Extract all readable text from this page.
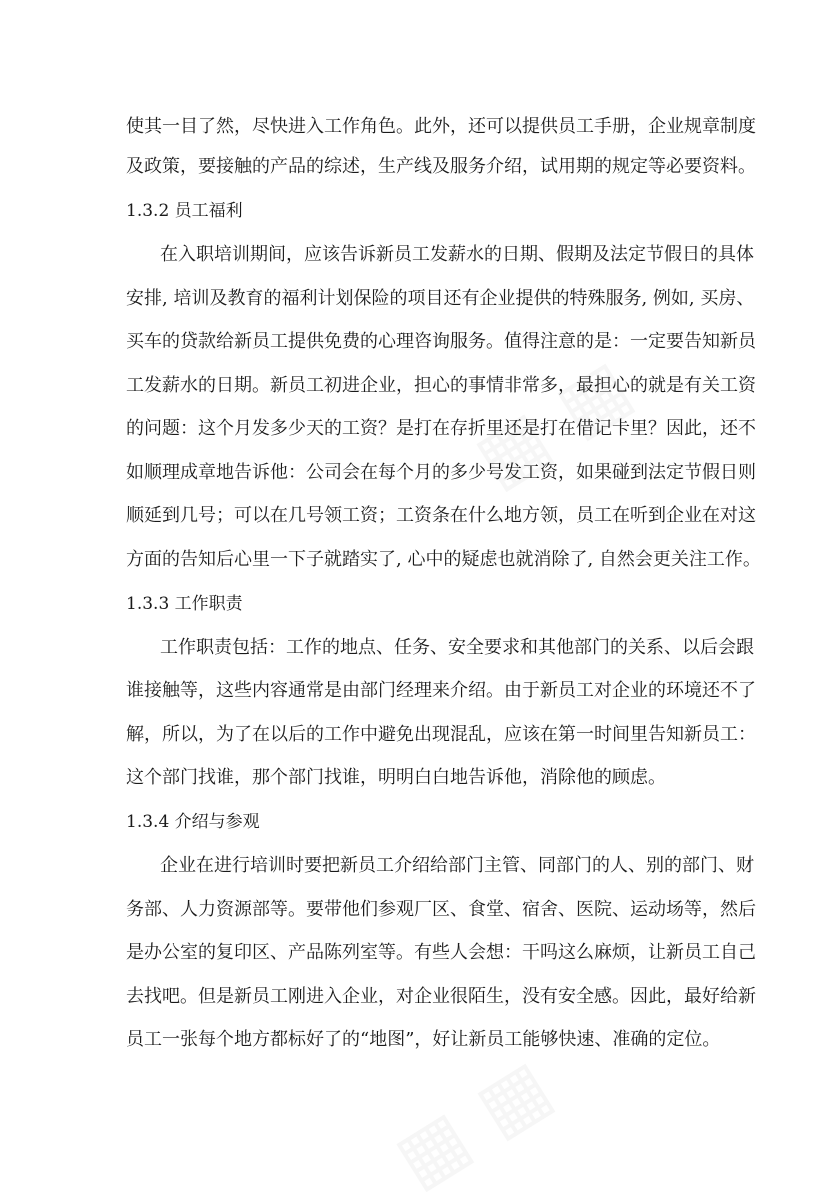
使其一目了然，尽快进入工作角色。此外，还可以提供员工手册，企业规章制度
及政策，要接触的产品的综述，生产线及服务介绍，试用期的规定等必要资料。
1.3.2 员工福利
在入职培训期间，应该告诉新员工发薪水的日期、假期及法定节假日的具体
安排, 培训及教育的福利计划保险的项目还有企业提供的特殊服务, 例如, 买房、
买车的贷款给新员工提供免费的心理咨询服务。值得注意的是：一定要告知新员
工发薪水的日期。新员工初进企业，担心的事情非常多，最担心的就是有关工资
的问题：这个月发多少天的工资？是打在存折里还是打在借记卡里？因此，还不
如顺理成章地告诉他：公司会在每个月的多少号发工资，如果碰到法定节假日则
顺延到几号；可以在几号领工资；工资条在什么地方领，员工在听到企业在对这
方面的告知后心里一下子就踏实了, 心中的疑虑也就消除了, 自然会更关注工作。
1.3.3 工作职责
工作职责包括：工作的地点、任务、安全要求和其他部门的关系、以后会跟
谁接触等，这些内容通常是由部门经理来介绍。由于新员工对企业的环境还不了
解，所以，为了在以后的工作中避免出现混乱，应该在第一时间里告知新员工：
这个部门找谁，那个部门找谁，明明白白地告诉他，消除他的顾虑。
1.3.4 介绍与参观
企业在进行培训时要把新员工介绍给部门主管、同部门的人、别的部门、财
务部、人力资源部等。要带他们参观厂区、食堂、宿舍、医院、运动场等，然后
是办公室的复印区、产品陈列室等。有些人会想：干吗这么麻烦，让新员工自己
去找吧。但是新员工刚进入企业，对企业很陌生，没有安全感。因此，最好给新
员工一张每个地方都标好了的“地图”，好让新员工能够快速、准确的定位。
